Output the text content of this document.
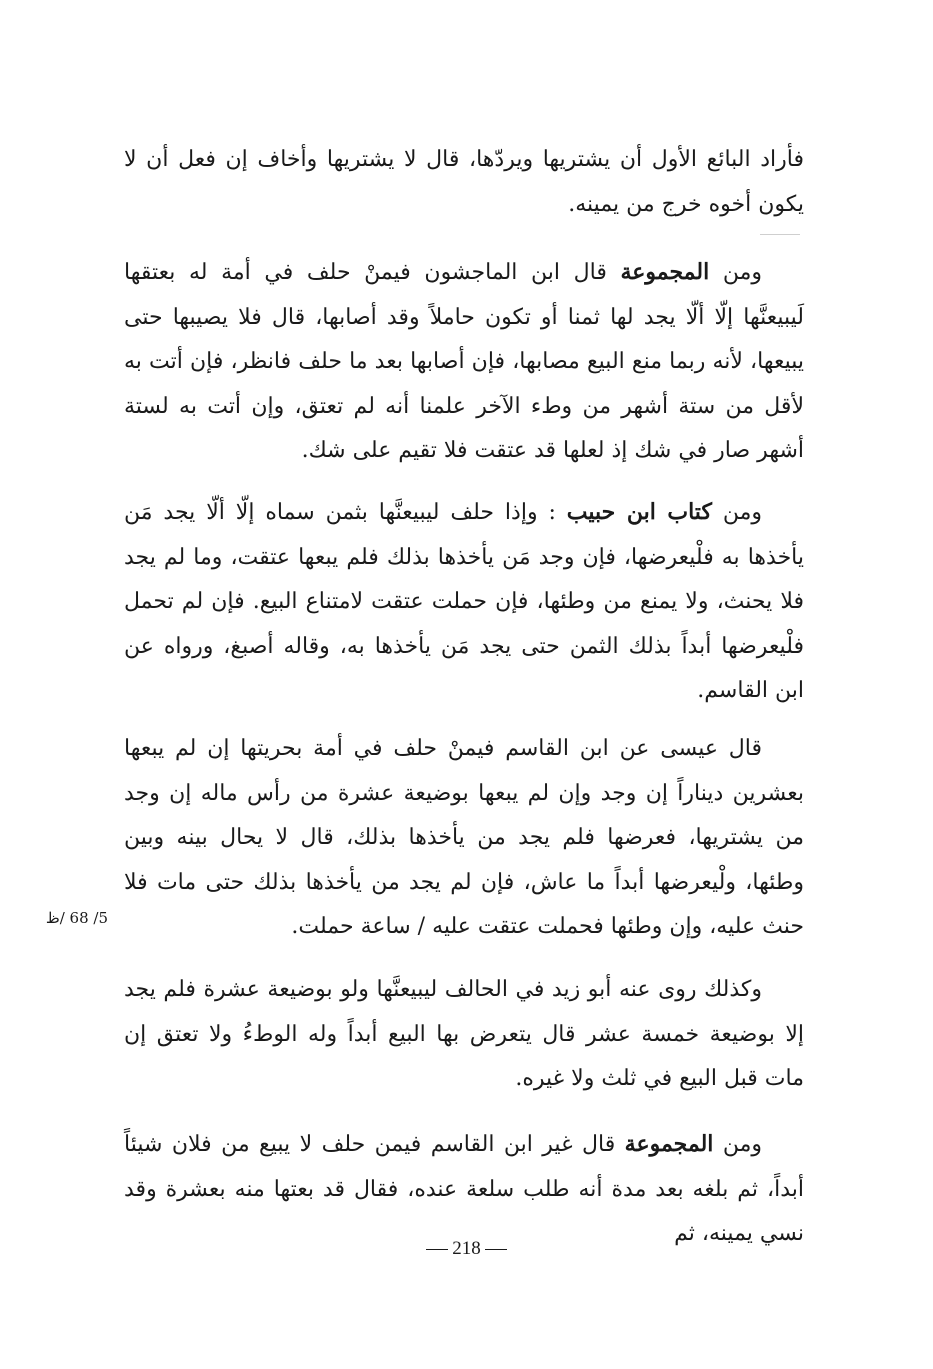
فأراد البائع الأول أن يشتريها ويردّها، قال لا يشتريها وأخاف إن فعل أن لا يكون أخوه خرج من يمينه.

ومن المجموعة قال ابن الماجشون فيمنْ حلف في أمة له بعتقها لَيبيعنَّها إلّا ألّا يجد لها ثمنا أو تكون حاملاً وقد أصابها، قال فلا يصيبها حتى يبيعها، لأنه ربما منع البيع مصابها، فإن أصابها بعد ما حلف فانظر، فإن أتت به لأقل من ستة أشهر من وطء الآخر علمنا أنه لم تعتق، وإن أتت به لستة أشهر صار في شك إذ لعلها قد عتقت فلا تقيم على شك.

ومن كتاب ابن حبيب : وإذا حلف ليبيعنَّها بثمن سماه إلّا ألّا يجد مَن يأخذها به فلْيعرضها، فإن وجد مَن يأخذها بذلك فلم يبعها عتقت، وما لم يجد فلا يحنث، ولا يمنع من وطئها، فإن حملت عتقت لامتناع البيع. فإن لم تحمل فلْيعرضها أبداً بذلك الثمن حتى يجد مَن يأخذها به، وقاله أصبغ، ورواه عن ابن القاسم.

قال عيسى عن ابن القاسم فيمنْ حلف في أمة بحريتها إن لم يبعها بعشرين ديناراً إن وجد وإن لم يبعها بوضيعة عشرة من رأس ماله إن وجد من يشتريها، فعرضها فلم يجد من يأخذها بذلك، قال لا يحال بينه وبين وطئها، ولْيعرضها أبداً ما عاش، فإن لم يجد من يأخذها بذلك حتى مات فلا حنث عليه، وإن وطئها فحملت عتقت عليه / ساعة حملت.

5/ 68 /ظ

وكذلك روى عنه أبو زيد في الحالف ليبيعنَّها ولو بوضيعة عشرة فلم يجد إلا بوضيعة خمسة عشر قال يتعرض بها البيع أبداً وله الوطءُ ولا تعتق إن مات قبل البيع في ثلث ولا غيره.

ومن المجموعة قال غير ابن القاسم فيمن حلف لا يبيع من فلان شيئاً أبداً، ثم بلغه بعد مدة أنه طلب سلعة عنده، فقال قد بعتها منه بعشرة وقد نسي يمينه، ثم

218
